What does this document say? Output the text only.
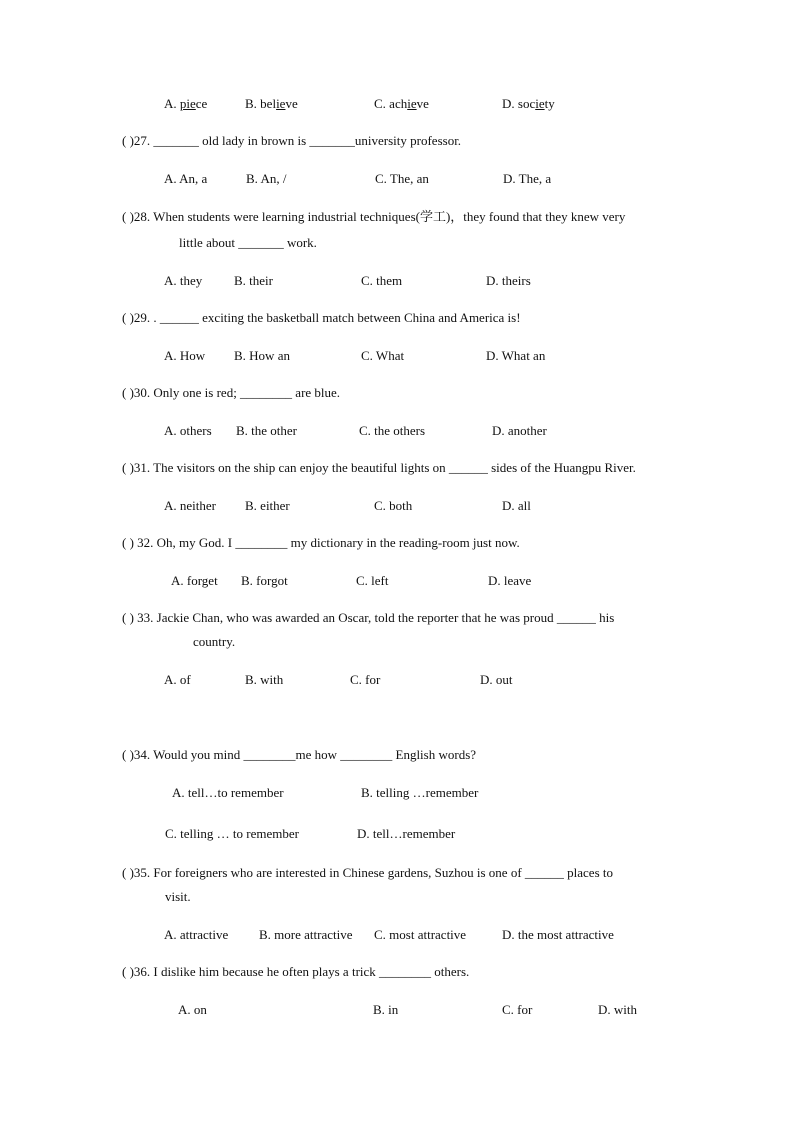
A. piece	B. believe	C. achieve	D. society
( )27. _______ old lady in brown is _______university professor.
A. An, a	B. An, /	C. The, an	D. The, a
( )28. When students were learning industrial techniques(学工)，they found that they knew very
little about _______ work.
A. they B. their	C. them	D. theirs
( )29. . ______ exciting the basketball match between China and America is!
A. How B. How an	C. What	D. What an
( )30. Only one is red; ________ are blue.
A. others B. the other	C. the others	D. another
( )31. The visitors on the ship can enjoy the beautiful lights on ______ sides of the Huangpu River.
A. neither B. either	C. both	D. all
( ) 32. Oh, my God. I ________ my dictionary in the reading-room just now.
A. forget B. forgot	C. left	D. leave
( ) 33. Jackie Chan, who was awarded an Oscar, told the reporter that he was proud ______ his
country.
A. of	B. with	C. for	D. out
( )34. Would you mind ________me how ________ English words?
A. tell…to remember	B. telling …remember
C. telling … to remember	D. tell…remember
( )35. For foreigners who are interested in Chinese gardens, Suzhou is one of ______ places to
visit.
A. attractive B. more attractive C. most attractive	D. the most attractive
( )36. I dislike him because he often plays a trick ________ others.
A. on	B. in	C. for	D. with
